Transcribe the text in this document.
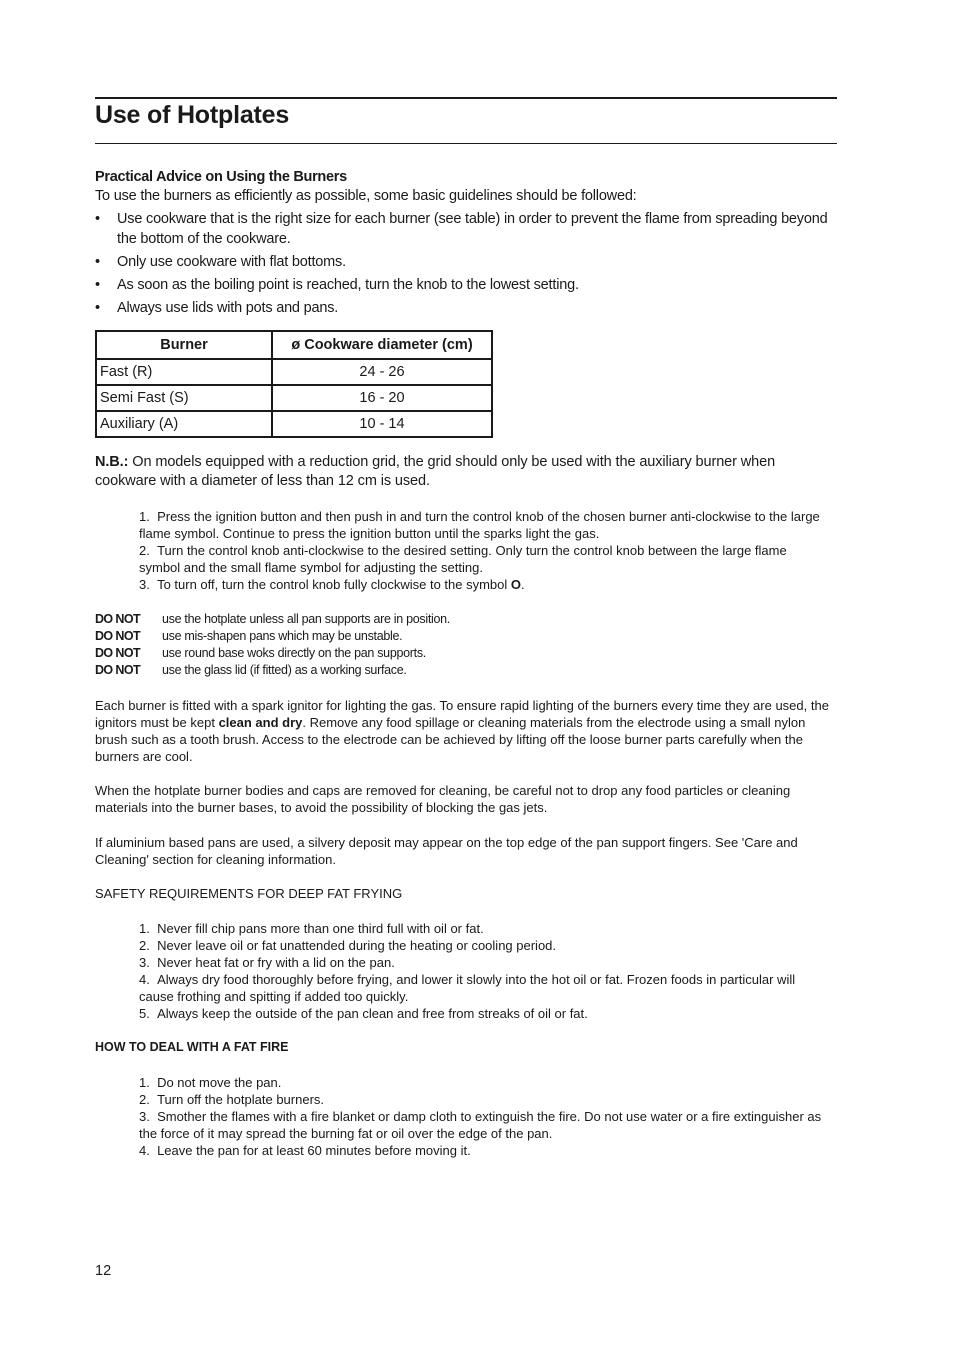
Use of Hotplates
Practical Advice on Using the Burners
To use the burners as efficiently as possible, some basic guidelines should be followed:
• Use cookware that is the right size for each burner (see table) in order to prevent the flame from spreading beyond the bottom of the cookware.
• Only use cookware with flat bottoms.
• As soon as the boiling point is reached, turn the knob to the lowest setting.
• Always use lids with pots and pans.
Burner	ø Cookware diameter (cm)
Fast (R)	24 - 26
Semi Fast (S)	16 - 20
Auxiliary (A)	10 - 14
N.B.: On models equipped with a reduction grid, the grid should only be used with the auxiliary burner when cookware with a diameter of less than 12 cm is used.
1. Press the ignition button and then push in and turn the control knob of the chosen burner anti-clockwise to the large flame symbol. Continue to press the ignition button until the sparks light the gas.
2. Turn the control knob anti-clockwise to the desired setting. Only turn the control knob between the large flame symbol and the small flame symbol for adjusting the setting.
3. To turn off, turn the control knob fully clockwise to the symbol O.
DO NOT	use the hotplate unless all pan supports are in position.
DO NOT	use mis-shapen pans which may be unstable.
DO NOT	use round base woks directly on the pan supports.
DO NOT	use the glass lid (if fitted) as a working surface.
Each burner is fitted with a spark ignitor for lighting the gas. To ensure rapid lighting of the burners every time they are used, the ignitors must be kept clean and dry. Remove any food spillage or cleaning materials from the electrode using a small nylon brush such as a tooth brush. Access to the electrode can be achieved by lifting off the loose burner parts carefully when the burners are cool.
When the hotplate burner bodies and caps are removed for cleaning, be careful not to drop any food particles or cleaning materials into the burner bases, to avoid the possibility of blocking the gas jets.
If aluminium based pans are used, a silvery deposit may appear on the top edge of the pan support fingers. See 'Care and Cleaning' section for cleaning information.
SAFETY REQUIREMENTS FOR DEEP FAT FRYING
1. Never fill chip pans more than one third full with oil or fat.
2. Never leave oil or fat unattended during the heating or cooling period.
3. Never heat fat or fry with a lid on the pan.
4. Always dry food thoroughly before frying, and lower it slowly into the hot oil or fat. Frozen foods in particular will cause frothing and spitting if added too quickly.
5. Always keep the outside of the pan clean and free from streaks of oil or fat.
HOW TO DEAL WITH A FAT FIRE
1. Do not move the pan.
2. Turn off the hotplate burners.
3. Smother the flames with a fire blanket or damp cloth to extinguish the fire. Do not use water or a fire extinguisher as the force of it may spread the burning fat or oil over the edge of the pan.
4. Leave the pan for at least 60 minutes before moving it.
12
